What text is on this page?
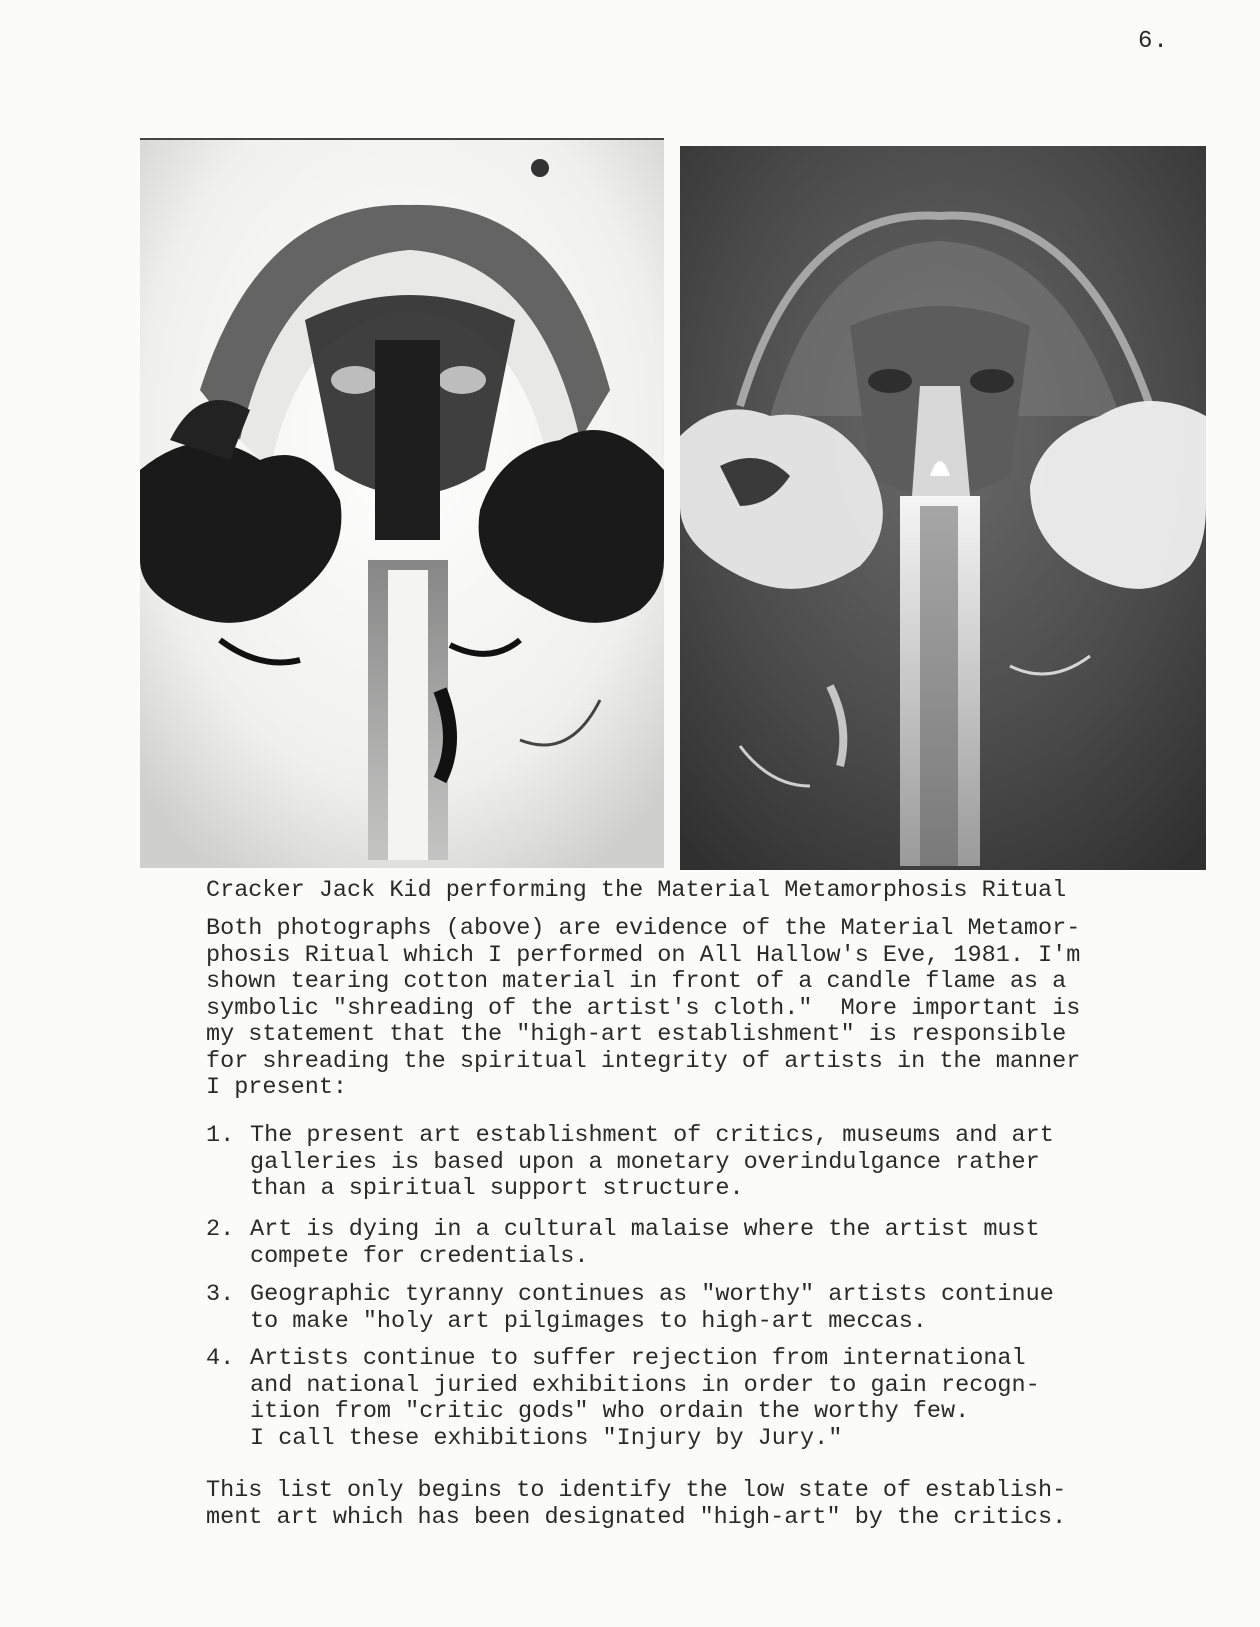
6.
Cracker Jack Kid performing the Material Metamorphosis Ritual
Both photographs (above) are evidence of the Material Metamor-
phosis Ritual which I performed on All Hallow's Eve, 1981. I'm
shown tearing cotton material in front of a candle flame as a
symbolic "shreading of the artist's cloth."  More important is
my statement that the "high-art establishment" is responsible
for shreading the spiritual integrity of artists in the manner
I present:
1. The present art establishment of critics, museums and art
galleries is based upon a monetary overindulgance rather
than a spiritual support structure.
2. Art is dying in a cultural malaise where the artist must
compete for credentials.
3. Geographic tyranny continues as "worthy" artists continue
to make "holy art pilgimages to high-art meccas.
4. Artists continue to suffer rejection from international
and national juried exhibitions in order to gain recogn-
ition from "critic gods" who ordain the worthy few.
I call these exhibitions "Injury by Jury."
This list only begins to identify the low state of establish-
ment art which has been designated "high-art" by the critics.
